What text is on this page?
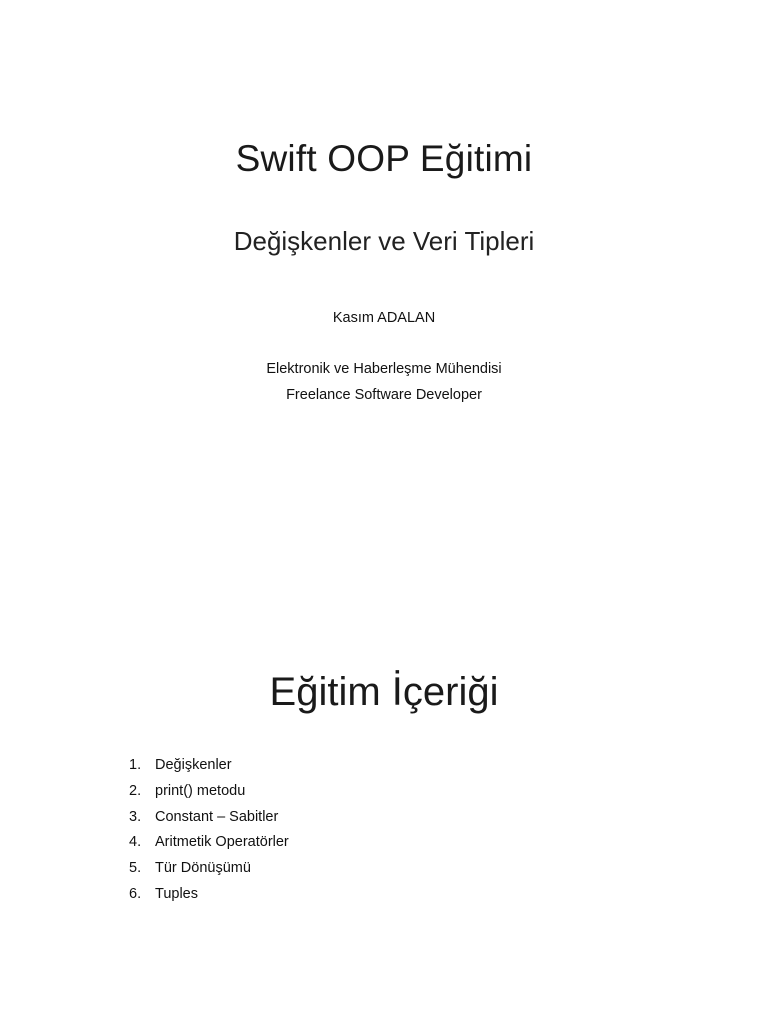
Swift OOP Eğitimi
Değişkenler ve Veri Tipleri
Kasım ADALAN
Elektronik ve Haberleşme Mühendisi
Freelance Software Developer
Eğitim İçeriği
1. Değişkenler
2. print() metodu
3. Constant – Sabitler
4. Aritmetik Operatörler
5. Tür Dönüşümü
6. Tuples
